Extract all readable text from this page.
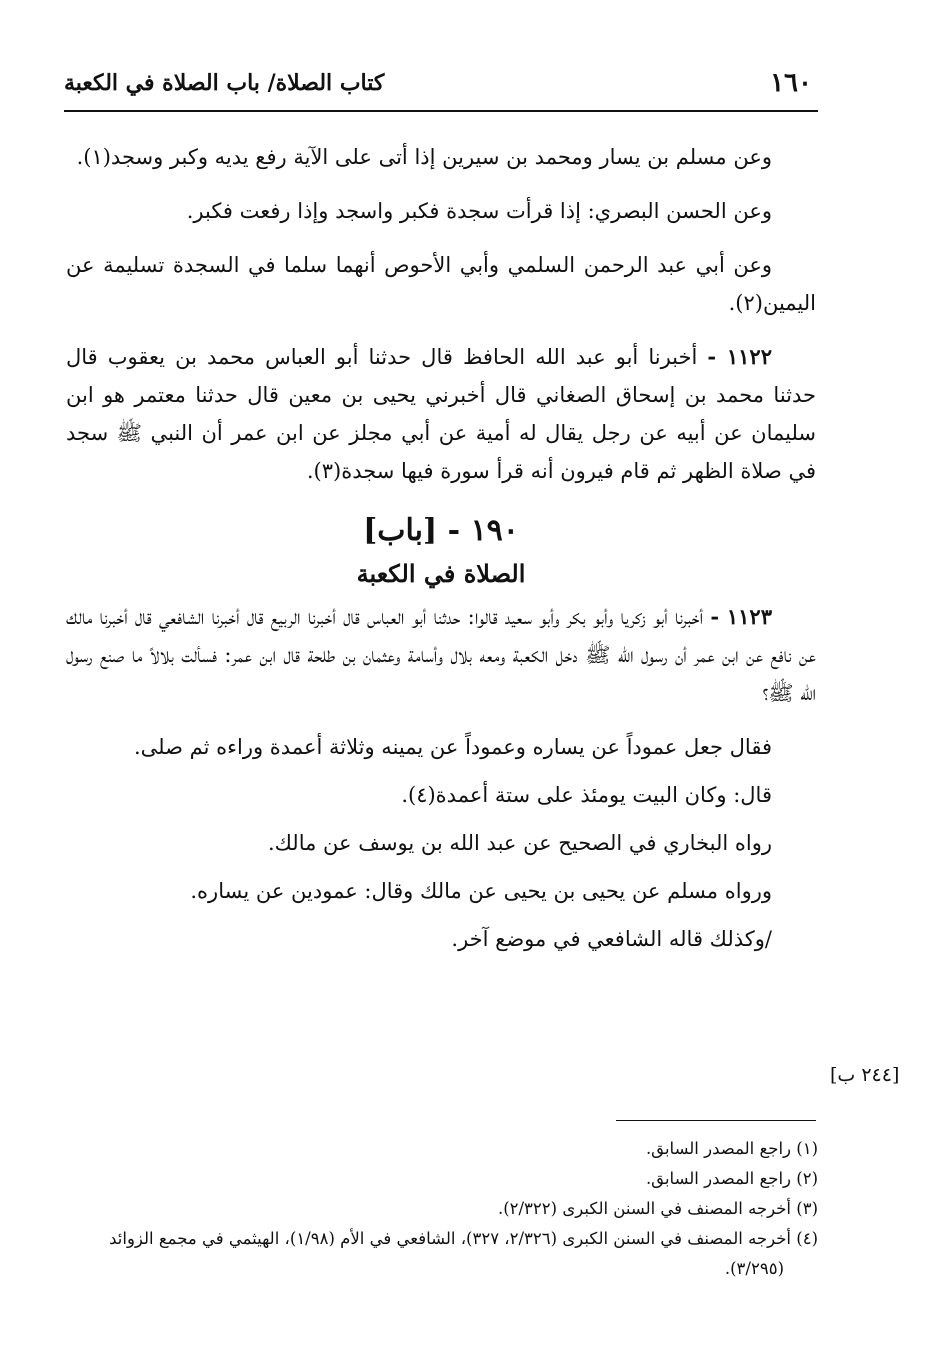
١٦٠
كتاب الصلاة/ باب الصلاة في الكعبة

وعن مسلم بن يسار ومحمد بن سيرين إذا أتى على الآية رفع يديه وكبر وسجد(١).

وعن الحسن البصري: إذا قرأت سجدة فكبر واسجد وإذا رفعت فكبر.

وعن أبي عبد الرحمن السلمي وأبي الأحوص أنهما سلما في السجدة تسليمة عن اليمين(٢).

١١٢٢ - أخبرنا أبو عبد الله الحافظ قال حدثنا أبو العباس محمد بن يعقوب قال حدثنا محمد بن إسحاق الصغاني قال أخبرني يحيى بن معين قال حدثنا معتمر هو ابن سليمان عن أبيه عن رجل يقال له أمية عن أبي مجلز عن ابن عمر أن النبي ﷺ سجد في صلاة الظهر ثم قام فيرون أنه قرأ سورة فيها سجدة(٣).

١٩٠ - [باب]
الصلاة في الكعبة

١١٢٣ - أخبرنا أبو زكريا وأبو بكر وأبو سعيد قالوا: حدثنا أبو العباس قال أخبرنا الربيع قال أخبرنا الشافعي قال أخبرنا مالك عن نافع عن ابن عمر أن رسول الله ﷺ دخل الكعبة ومعه بلال وأسامة وعثمان بن طلحة قال ابن عمر: فسألت بلالاً ما صنع رسول الله ﷺ؟

فقال جعل عموداً عن يساره وعموداً عن يمينه وثلاثة أعمدة وراءه ثم صلى.
قال: وكان البيت يومئذ على ستة أعمدة(٤).
رواه البخاري في الصحيح عن عبد الله بن يوسف عن مالك.
ورواه مسلم عن يحيى بن يحيى عن مالك وقال: عمودين عن يساره.
/وكذلك قاله الشافعي في موضع آخر.
[٢٤٤ ب]

(١) راجع المصدر السابق.

(٢) راجع المصدر السابق.

(٣) أخرجه المصنف في السنن الكبرى (٢/٣٢٢).

(٤) أخرجه المصنف في السنن الكبرى (٢/٣٢٦، ٣٢٧)، الشافعي في الأم (١/٩٨)، الهيثمي في مجمع الزوائد (٣/٢٩٥).
